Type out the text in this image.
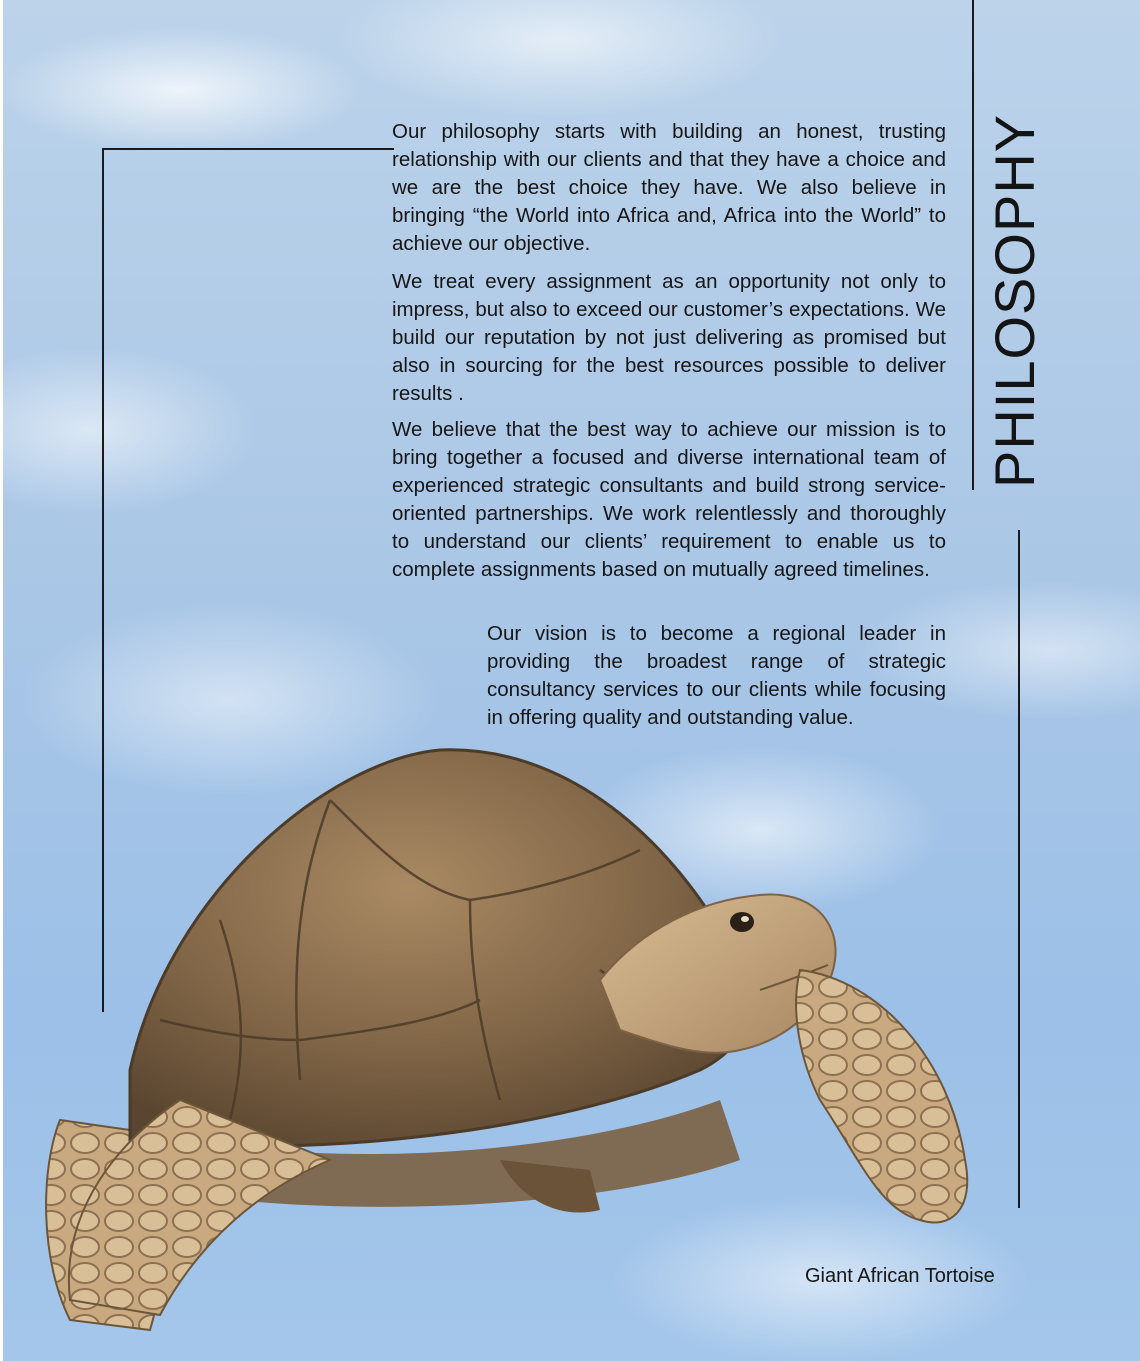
PHILOSOPHY

Our philosophy starts with building an honest, trusting relationship with our clients and that they have a choice and we are the best choice they have. We also believe in bringing “the World into Africa and, Africa into the World” to achieve our objective.

We treat every assignment as an opportunity not only to impress, but also to exceed our customer’s expectations. We build our reputation by not just delivering as promised but also in sourcing for the best resources possible to deliver results .

We believe that the best way to achieve our mission is to bring together a focused and diverse international team of experienced strategic consultants and build strong service-oriented partnerships. We work relentlessly and thoroughly to understand our clients’ requirement to enable us to complete assignments based on mutually agreed timelines.

Our vision is to become a regional leader in providing the broadest range of strategic consultancy services to our clients while focusing in offering quality and outstanding value.

Giant African Tortoise
